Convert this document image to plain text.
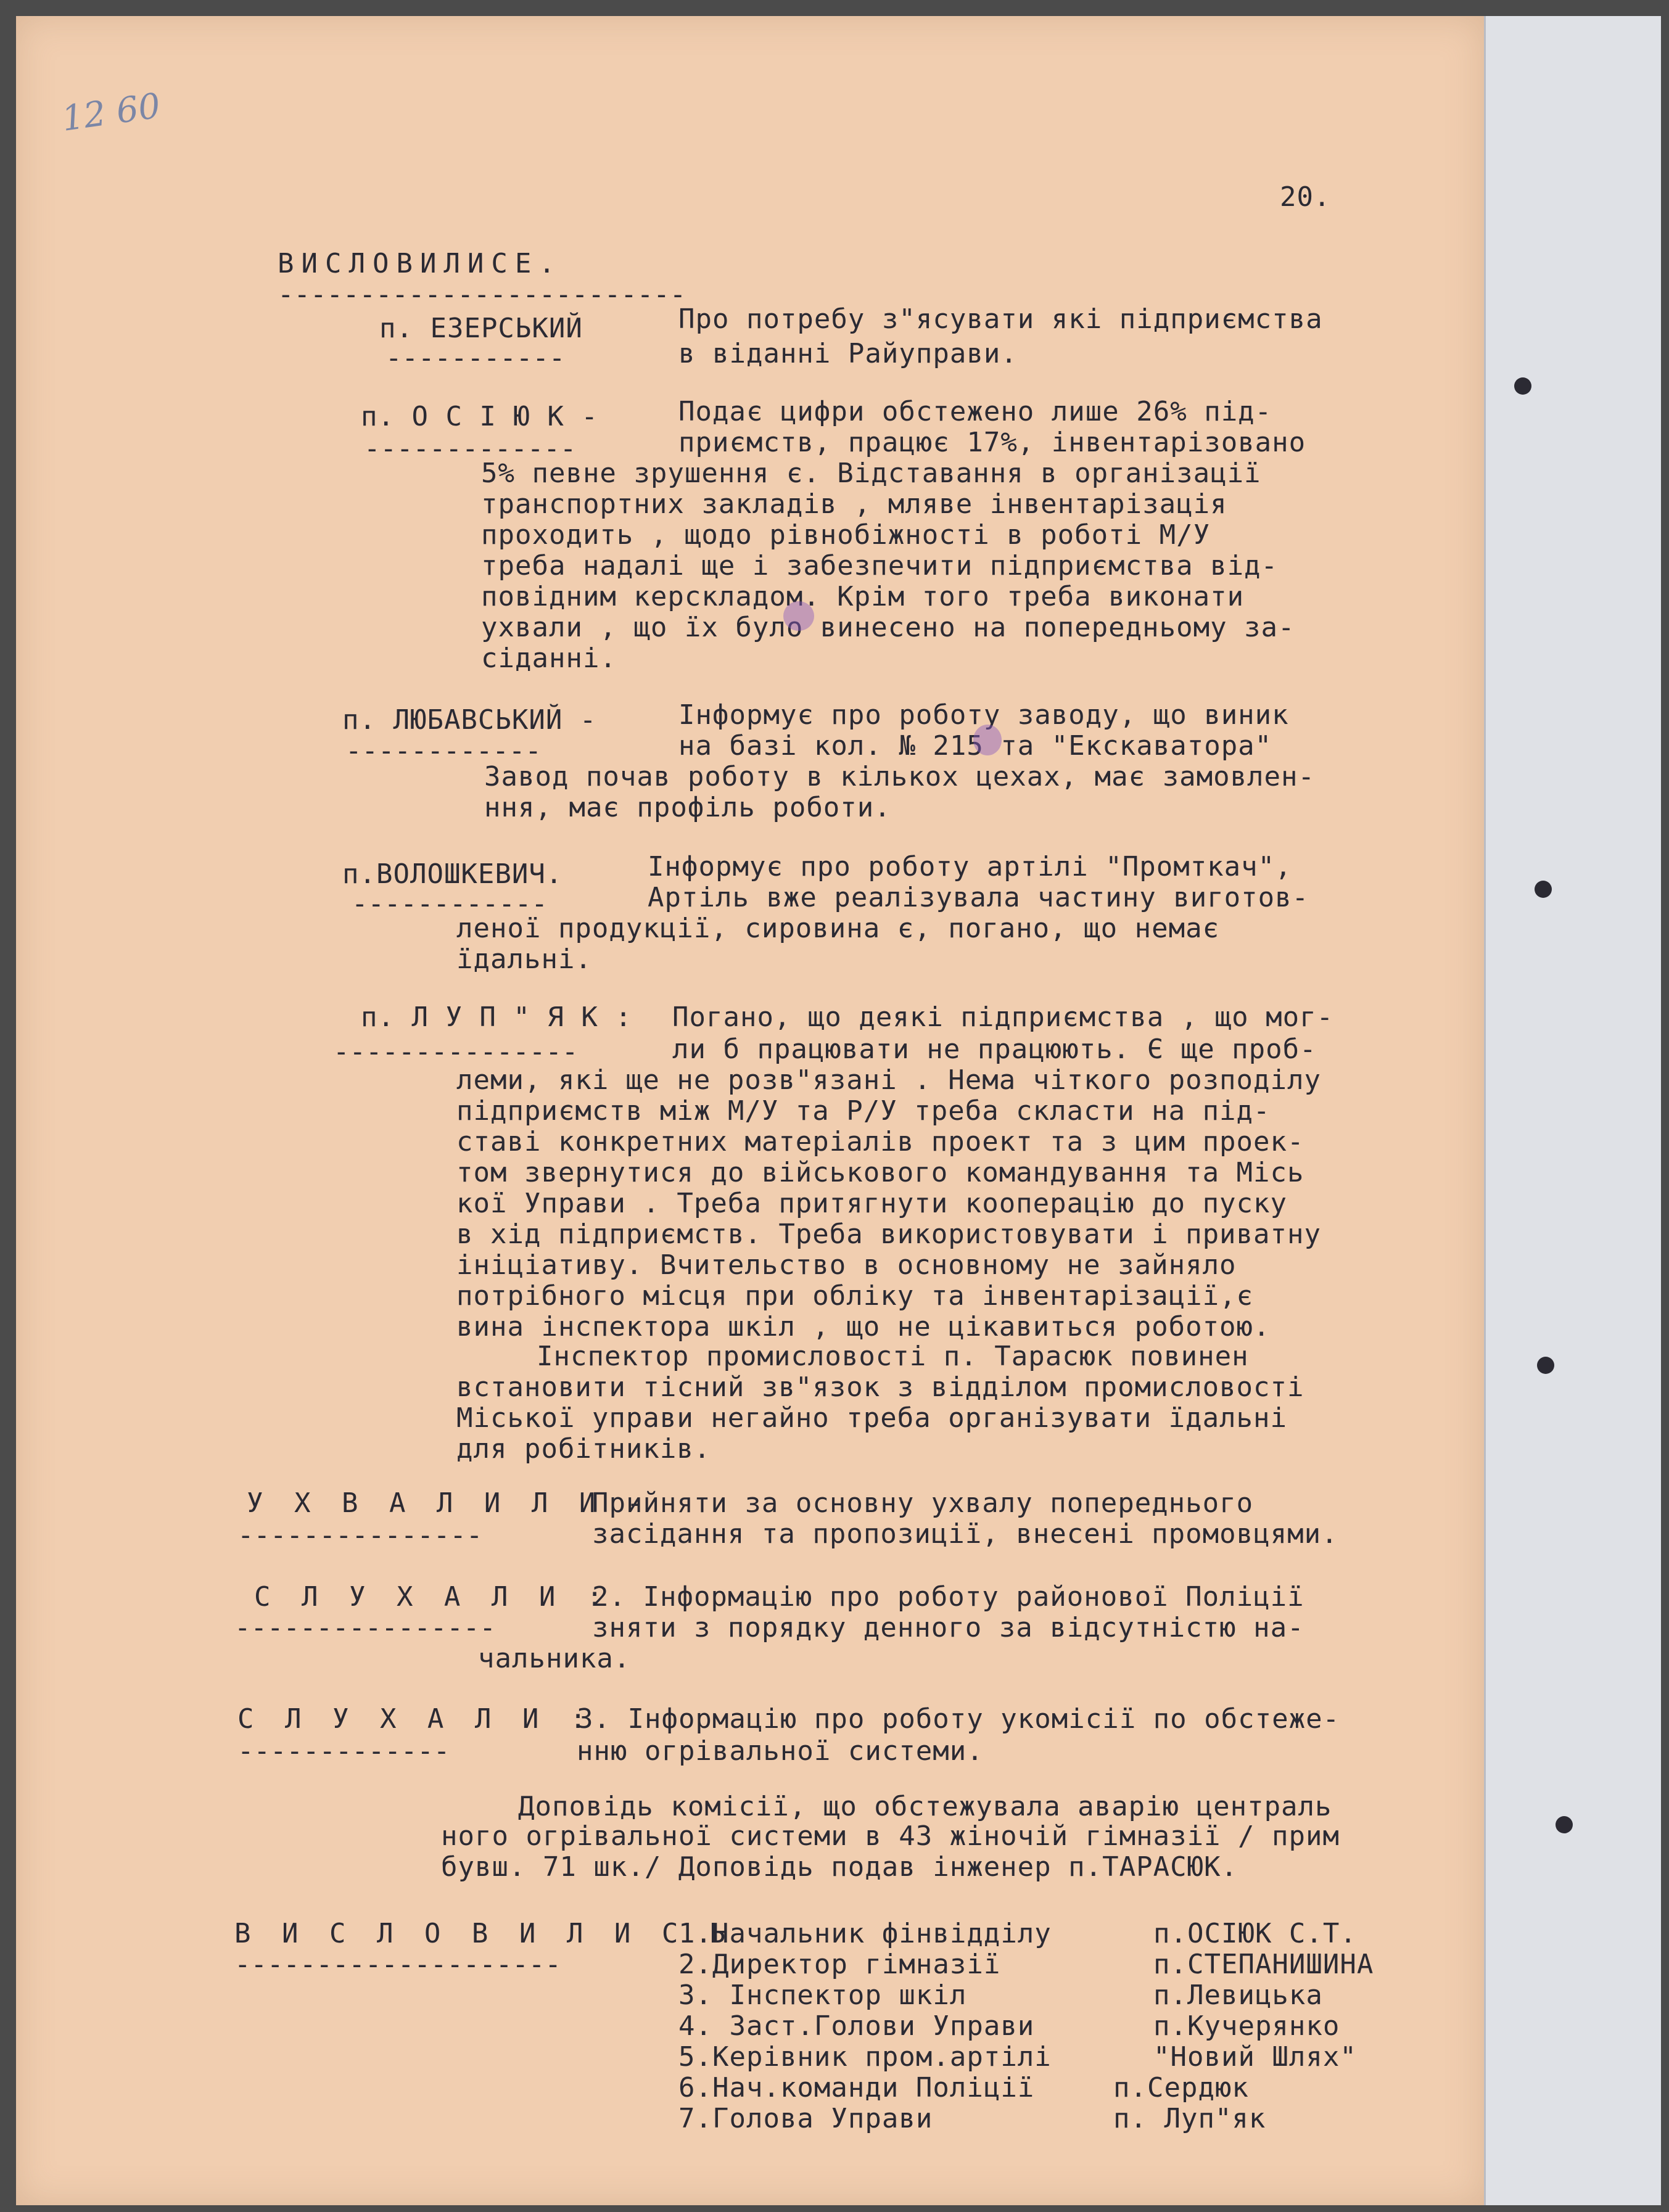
12 60

20.

ВИСЛОВИЛИСЕ.

-------------------------

п. ЕЗЕРСЬКИЙ

-----------

Про потребу з"ясувати які підприємства

в віданні Райуправи.

п. О С І Ю К -

-------------

Подає цифри обстежено лише 26% під-

приємств, працює 17%, інвентарізовано

5% певне зрушення є. Відставання в організації

транспортних закладів , мляве інвентарізація

проходить , щодо рівнобіжності в роботі М/У

треба надалі ще і забезпечити підприємства від-

повідним керскладом. Крім того треба виконати

ухвали , що їх було винесено на попередньому за-

сіданні.

п. ЛЮБАВСЬКИЙ -

------------

Інформує про роботу заводу, що виник

на базі кол. № 215 та "Екскаватора"

Завод почав роботу в кількох цехах, має замовлен-

ння, має профіль роботи.

п.ВОЛОШКЕВИЧ.

------------

Інформує про роботу артілі "Промткач",

Артіль вже реалізувала частину виготов-

леної продукції, сировина є, погано, що немає

їдальні.

п. Л У П " Я К :

---------------

Погано, що деякі підприємства , що мог-

ли б працювати не працюють. Є ще проб-

леми, які ще не розв"язані . Нема чіткого розподілу

підприємств між М/У та Р/У треба скласти на під-

ставі конкретних матеріалів проект та з цим проек-

том звернутися до військового командування та Місь

кої Управи . Треба притягнути кооперацію до пуску

в хід підприємств. Треба використовувати і приватну

ініціативу. Вчительство в основному не зайняло

потрібного місця при обліку та інвентарізації,є

вина інспектора шкіл , що не цікавиться роботою.

Інспектор промисловості п. Тарасюк повинен

встановити тісний зв"язок з відділом промисловості

Міської управи негайно треба організувати їдальні

для робітників.

У Х В А Л И Л И -

---------------

Прийняти за основну ухвалу попереднього

засідання та пропозиції, внесені промовцями.

С Л У Х А Л И :

----------------

2. Інформацію про роботу районової Поліції

зняти з порядку денного за відсутністю на-

чальника.

С Л У Х А Л И :

-------------

3. Інформацію про роботу укомісії по обстеже-

нню огрівальної системи.

Доповідь комісії, що обстежувала аварію централь

ного огрівальної системи в 43 жіночій гімназії / прим

бувш. 71 шк./ Доповідь подав інженер п.ТАРАСЮК.

В И С Л О В И Л И С Ь

--------------------

1.Начальник фінвідділу	п.ОСІЮК С.Т.

2.Директор гімназії	п.СТЕПАНИШИНА

3. Інспектор шкіл	п.Левицька

4. Заст.Голови Управи	п.Кучерянко

5.Керівник пром.артілі	"Новий Шлях"

6.Нач.команди Поліції	п.Сердюк

7.Голова Управи	п. Луп"як
